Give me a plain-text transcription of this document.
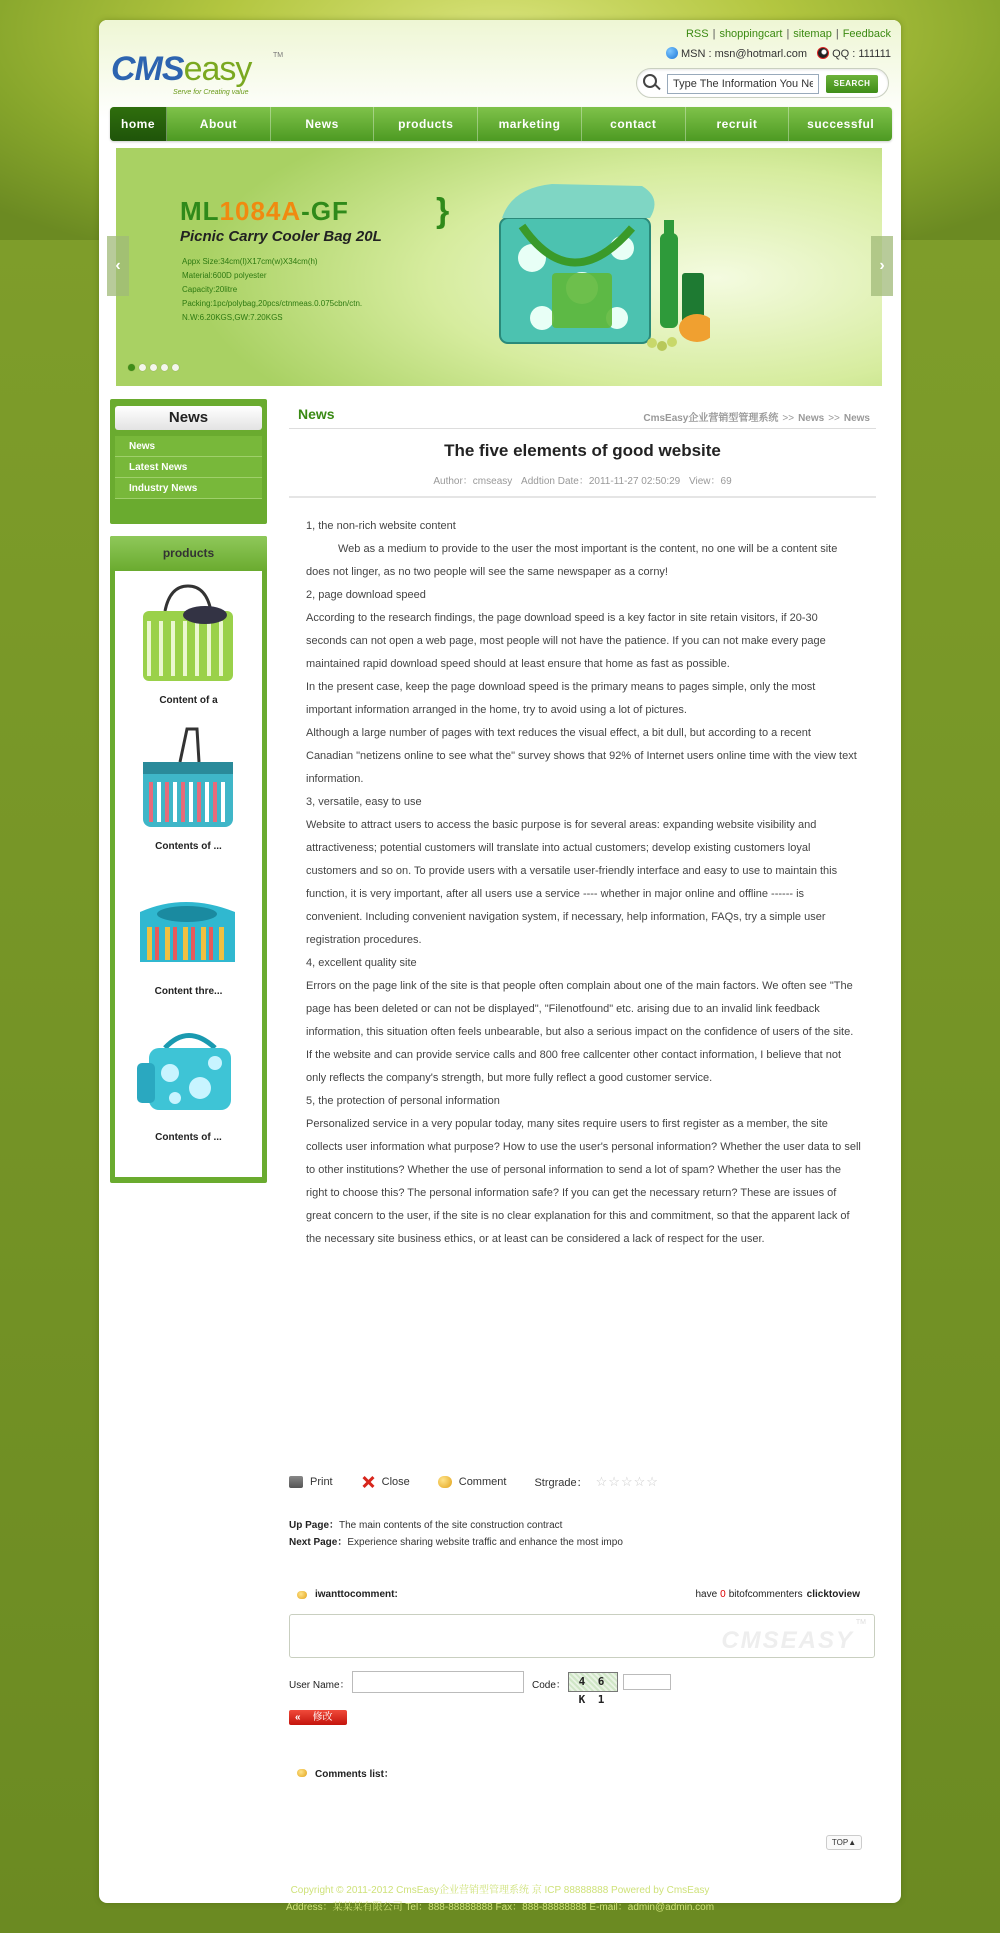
CMSeasy	TM
Serve for Creating value
RSS | shoppingcart | sitemap | Feedback
MSN : msn@hotmarl.com	QQ : 111111
Type The Information You Ne
SEARCH
home	About	News	products	marketing	contact	recruit	successful
ML1084A-GF	}
Picnic Carry Cooler Bag 20L
Appx Size:34cm(l)X17cm(w)X34cm(h)
Material:600D polyester
Capacity:20litre
Packing:1pc/polybag,20pcs/ctnmeas.0.075cbn/ctn.
N.W:6.20KGS,GW:7.20KGS
‹	›
News
News
Latest News
Industry News
products
Content of a
Contents of ...
Content thre...
Contents of ...
News	CmsEasy企业营销型管理系统 >> News >> News
The five elements of good website
Author：cmseasy Addtion Date：2011-11-27 02:50:29 View：69

1, the non-rich website content

Web as a medium to provide to the user the most important is the content, no one will be a content site does not linger, as no two people will see the same newspaper as a corny!

2, page download speed

According to the research findings, the page download speed is a key factor in site retain visitors, if 20-30 seconds can not open a web page, most people will not have the patience. If you can not make every page maintained rapid download speed should at least ensure that home as fast as possible.

In the present case, keep the page download speed is the primary means to pages simple, only the most important information arranged in the home, try to avoid using a lot of pictures.

Although a large number of pages with text reduces the visual effect, a bit dull, but according to a recent Canadian "netizens online to see what the" survey shows that 92% of Internet users online time with the view text information.

3, versatile, easy to use

Website to attract users to access the basic purpose is for several areas: expanding website visibility and attractiveness; potential customers will translate into actual customers; develop existing customers loyal customers and so on. To provide users with a versatile user-friendly interface and easy to use to maintain this function, it is very important, after all users use a service ---- whether in major online and offline ------ is convenient. Including convenient navigation system, if necessary, help information, FAQs, try a simple user registration procedures.

4, excellent quality site

Errors on the page link of the site is that people often complain about one of the main factors. We often see "The page has been deleted or can not be displayed", "Filenotfound" etc. arising due to an invalid link feedback information, this situation often feels unbearable, but also a serious impact on the confidence of users of the site. If the website and can provide service calls and 800 free callcenter other contact information, I believe that not only reflects the company's strength, but more fully reflect a good customer service.

5, the protection of personal information

Personalized service in a very popular today, many sites require users to first register as a member, the site collects user information what purpose? How to use the user's personal information? Whether the user data to sell to other institutions? Whether the use of personal information to send a lot of spam? Whether the user has the right to choose this? The personal information safe? If you can get the necessary return? These are issues of great concern to the user, if the site is no clear explanation for this and commitment, so that the apparent lack of the necessary site business ethics, or at least can be considered a lack of respect for the user.

Print	Close	Comment	Strgrade： ☆ ☆ ☆ ☆ ☆
Up Page：The main contents of the site construction contract
Next Page：Experience sharing website traffic and enhance the most impo
iwanttocomment:	have 0 bitofcommenters clicktoview
CMSEASY
TM
User Name：	Code：	4 6 K 1
« 修改
Comments list：
TOP▲
Copyright © 2011-2012 CmsEasy企业营销型管理系统 京 ICP 88888888 Powered by CmsEasy
Address：某某某有限公司 Tel：888-88888888 Fax：888-88888888 E-mail：admin@admin.com
